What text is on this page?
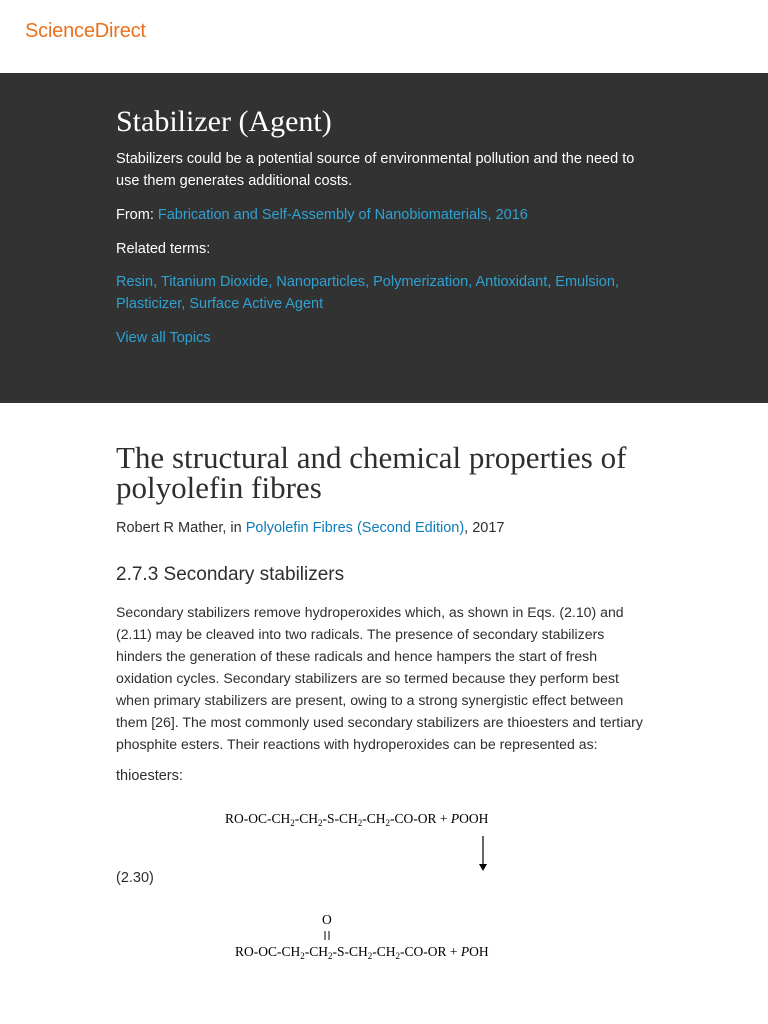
ScienceDirect
Stabilizer (Agent)

Stabilizers could be a potential source of environmental pollution and the need to use them generates additional costs.

From: Fabrication and Self-Assembly of Nanobiomaterials, 2016

Related terms:

Resin, Titanium Dioxide, Nanoparticles, Polymerization, Antioxidant, Emulsion, Plasticizer, Surface Active Agent

View all Topics
The structural and chemical properties of polyolefin fibres

Robert R Mather, in Polyolefin Fibres (Second Edition), 2017

2.7.3 Secondary stabilizers

Secondary stabilizers remove hydroperoxides which, as shown in Eqs. (2.10) and (2.11) may be cleaved into two radicals. The presence of secondary stabilizers hinders the generation of these radicals and hence hampers the start of fresh oxidation cycles. Secondary stabilizers are so termed because they perform best when primary stabilizers are present, owing to a strong synergistic effect between them [26]. The most commonly used secondary stabilizers are thioesters and tertiary phosphite esters. Their reactions with hydroperoxides can be represented as:

thioesters:

(2.30)

$RO-OC-CH_2-CH_2-S-CH_2-CH_2-CO-OR$ + POOH
O
$RO-OC-CH_2-CH_2-S-CH_2-CH_2-CO-OR$ + POH
